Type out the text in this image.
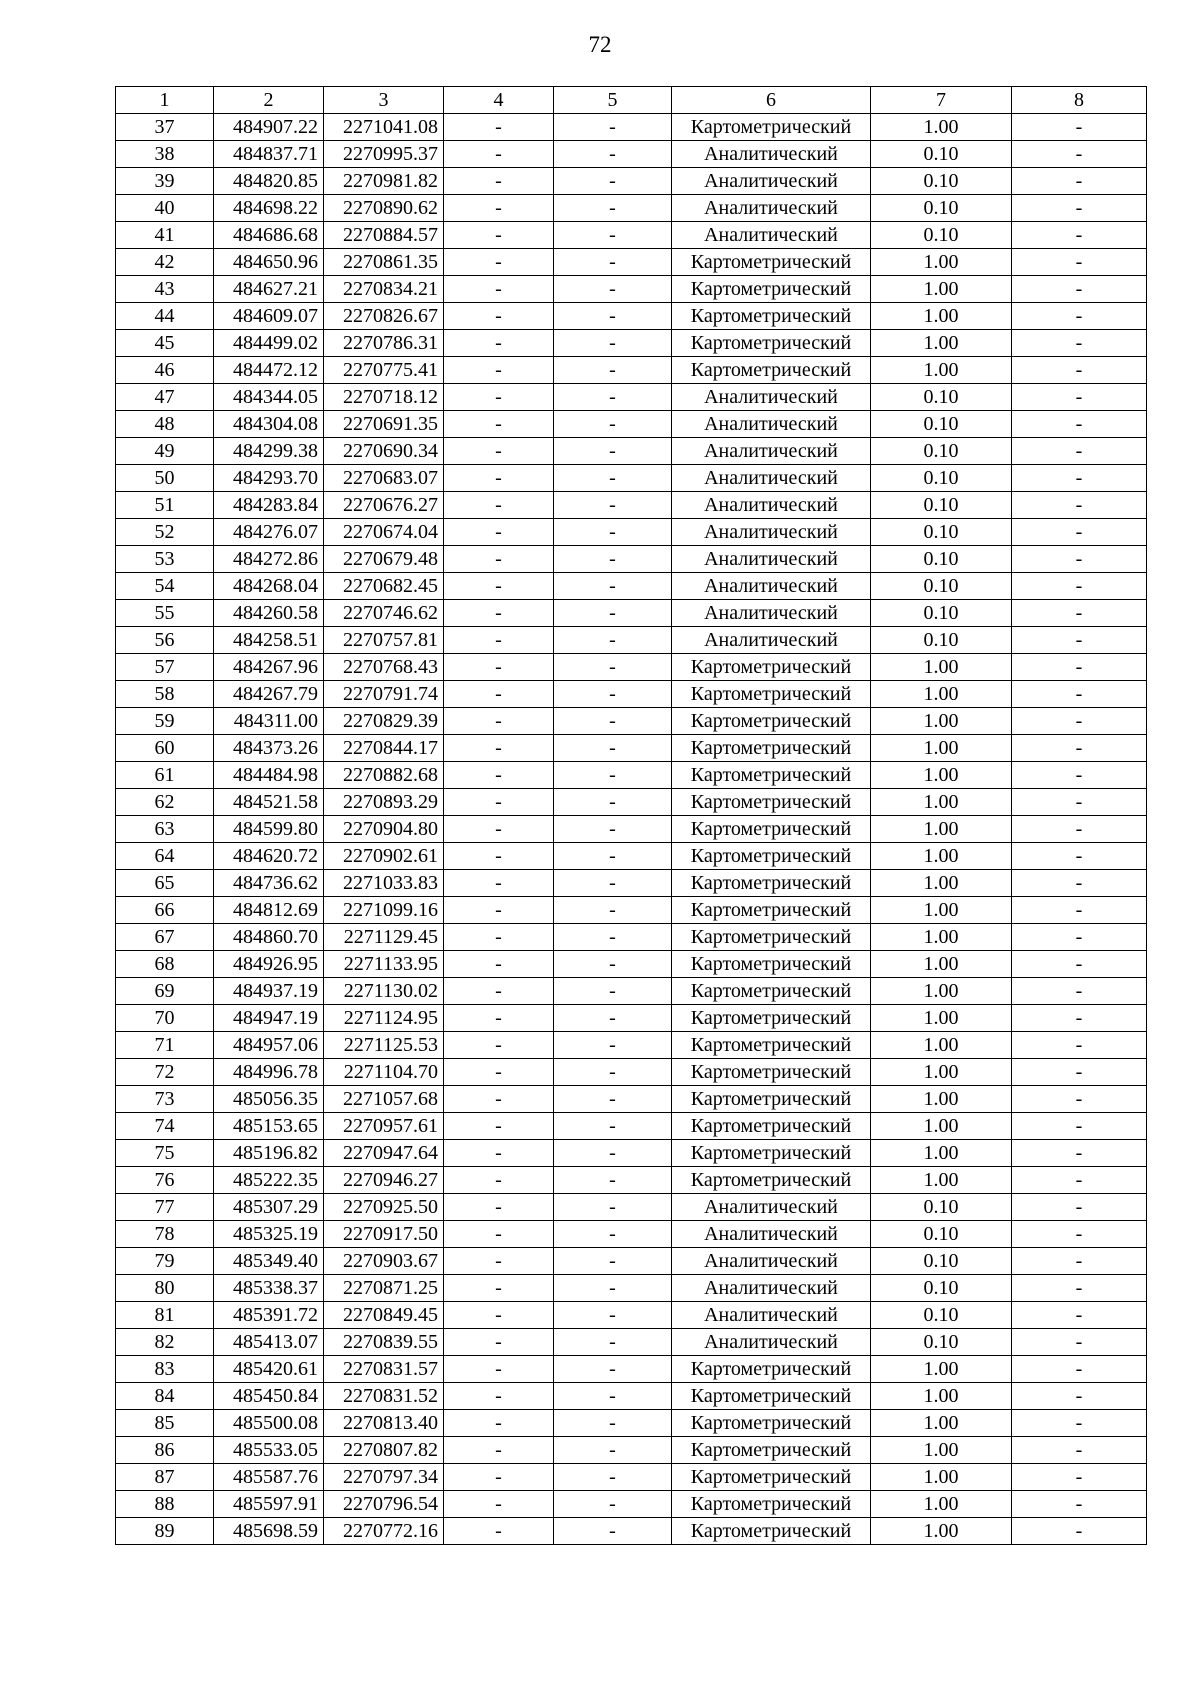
72
1	2	3	4	5	6	7	8
37	484907.22	2271041.08	-	-	Картометрический	1.00	-
38	484837.71	2270995.37	-	-	Аналитический	0.10	-
39	484820.85	2270981.82	-	-	Аналитический	0.10	-
40	484698.22	2270890.62	-	-	Аналитический	0.10	-
41	484686.68	2270884.57	-	-	Аналитический	0.10	-
42	484650.96	2270861.35	-	-	Картометрический	1.00	-
43	484627.21	2270834.21	-	-	Картометрический	1.00	-
44	484609.07	2270826.67	-	-	Картометрический	1.00	-
45	484499.02	2270786.31	-	-	Картометрический	1.00	-
46	484472.12	2270775.41	-	-	Картометрический	1.00	-
47	484344.05	2270718.12	-	-	Аналитический	0.10	-
48	484304.08	2270691.35	-	-	Аналитический	0.10	-
49	484299.38	2270690.34	-	-	Аналитический	0.10	-
50	484293.70	2270683.07	-	-	Аналитический	0.10	-
51	484283.84	2270676.27	-	-	Аналитический	0.10	-
52	484276.07	2270674.04	-	-	Аналитический	0.10	-
53	484272.86	2270679.48	-	-	Аналитический	0.10	-
54	484268.04	2270682.45	-	-	Аналитический	0.10	-
55	484260.58	2270746.62	-	-	Аналитический	0.10	-
56	484258.51	2270757.81	-	-	Аналитический	0.10	-
57	484267.96	2270768.43	-	-	Картометрический	1.00	-
58	484267.79	2270791.74	-	-	Картометрический	1.00	-
59	484311.00	2270829.39	-	-	Картометрический	1.00	-
60	484373.26	2270844.17	-	-	Картометрический	1.00	-
61	484484.98	2270882.68	-	-	Картометрический	1.00	-
62	484521.58	2270893.29	-	-	Картометрический	1.00	-
63	484599.80	2270904.80	-	-	Картометрический	1.00	-
64	484620.72	2270902.61	-	-	Картометрический	1.00	-
65	484736.62	2271033.83	-	-	Картометрический	1.00	-
66	484812.69	2271099.16	-	-	Картометрический	1.00	-
67	484860.70	2271129.45	-	-	Картометрический	1.00	-
68	484926.95	2271133.95	-	-	Картометрический	1.00	-
69	484937.19	2271130.02	-	-	Картометрический	1.00	-
70	484947.19	2271124.95	-	-	Картометрический	1.00	-
71	484957.06	2271125.53	-	-	Картометрический	1.00	-
72	484996.78	2271104.70	-	-	Картометрический	1.00	-
73	485056.35	2271057.68	-	-	Картометрический	1.00	-
74	485153.65	2270957.61	-	-	Картометрический	1.00	-
75	485196.82	2270947.64	-	-	Картометрический	1.00	-
76	485222.35	2270946.27	-	-	Картометрический	1.00	-
77	485307.29	2270925.50	-	-	Аналитический	0.10	-
78	485325.19	2270917.50	-	-	Аналитический	0.10	-
79	485349.40	2270903.67	-	-	Аналитический	0.10	-
80	485338.37	2270871.25	-	-	Аналитический	0.10	-
81	485391.72	2270849.45	-	-	Аналитический	0.10	-
82	485413.07	2270839.55	-	-	Аналитический	0.10	-
83	485420.61	2270831.57	-	-	Картометрический	1.00	-
84	485450.84	2270831.52	-	-	Картометрический	1.00	-
85	485500.08	2270813.40	-	-	Картометрический	1.00	-
86	485533.05	2270807.82	-	-	Картометрический	1.00	-
87	485587.76	2270797.34	-	-	Картометрический	1.00	-
88	485597.91	2270796.54	-	-	Картометрический	1.00	-
89	485698.59	2270772.16	-	-	Картометрический	1.00	-
